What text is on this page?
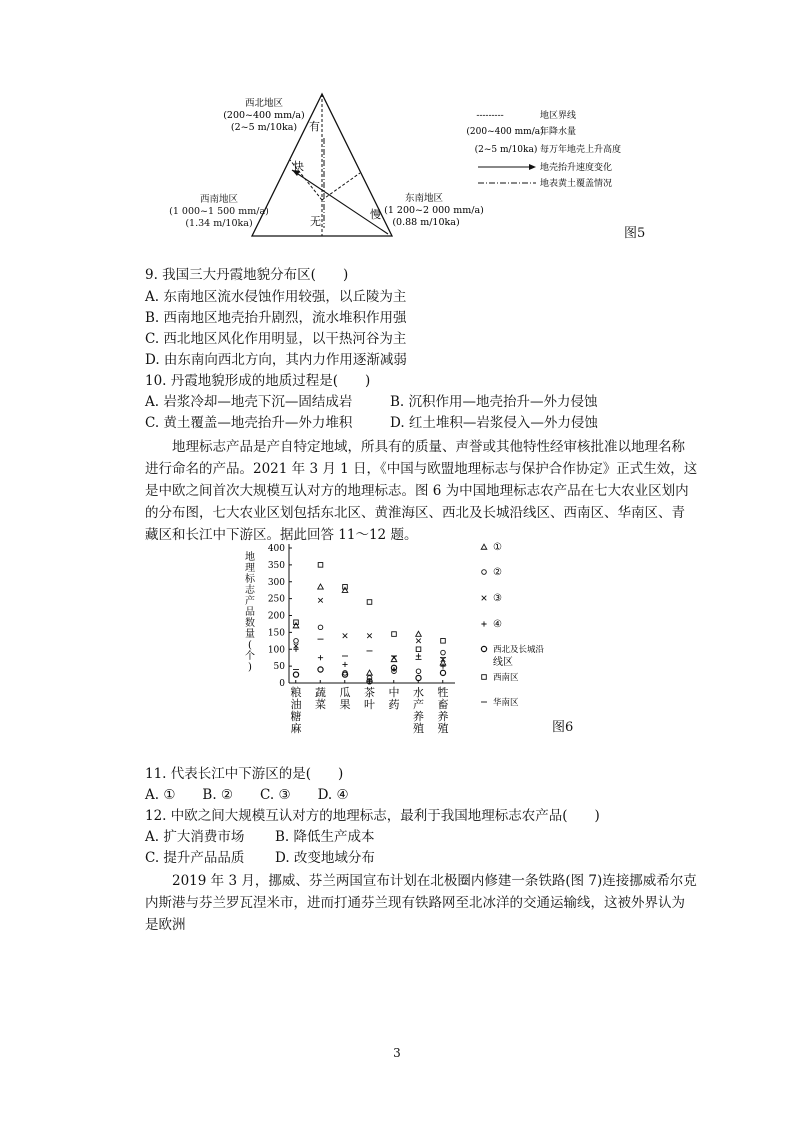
有
快
慢
无
西北地区
(200~400 mm/a)
(2~5 m/10ka)
东南地区
(1 200~2 000 mm/a)
(0.88 m/10ka)
---------	地区界线
(200~400 mm/a)
年降水量
(2~5 m/10ka) 每万年地壳上升高度
地壳抬升速度变化
地表黄土覆盖情况
西南地区
(1 000~1 500 mm/a)
(1.34 m/10ka)
图5
9. 我国三大丹霞地貌分布区(　　)
A. 东南地区流水侵蚀作用较强，以丘陵为主
B. 西南地区地壳抬升剧烈，流水堆积作用强
C. 西北地区风化作用明显，以干热河谷为主
D. 由东南向西北方向，其内力作用逐渐减弱
10. 丹霞地貌形成的地质过程是(　　)
A. 岩浆冷却—地壳下沉—固结成岩	B. 沉积作用—地壳抬升—外力侵蚀
C. 黄土覆盖—地壳抬升—外力堆积	D. 红土堆积—岩浆侵入—外力侵蚀
地理标志产品是产自特定地域，所具有的质量、声誉或其他特性经审核批准以地理名称
进行命名的产品。2021 年 3 月 1 日，《中国与欧盟地理标志与保护合作协定》正式生效，这
是中欧之间首次大规模互认对方的地理标志。图 6 为中国地理标志农产品在七大农业区划内
的分布图，七大农业区划包括东北区、黄淮海区、西北及长城沿线区、西南区、华南区、青
藏区和长江中下游区。据此回答 11～12 题。
0
50
100
150
200
250
300
350
400
地
理
标
志
产
品
数
量
(
个
)
粮
油
糖
麻
蔬
菜
瓜
果
茶
叶
中
药
水
产
养
殖
牲
畜
养
殖
①
②
③
④
西北及长城沿
线区
西南区
华南区
图6
11. 代表长江中下游区的是(　　)
A. ①　　B. ②　　C. ③　　D. ④
12. 中欧之间大规模互认对方的地理标志，最利于我国地理标志农产品(　　)
A. 扩大消费市场 B. 降低生产成本
C. 提升产品品质 D. 改变地域分布
2019 年 3 月，挪威、芬兰两国宣布计划在北极圈内修建一条铁路(图 7)连接挪威希尔克
内斯港与芬兰罗瓦涅米市，进而打通芬兰现有铁路网至北冰洋的交通运输线，这被外界认为
是欧洲
3
